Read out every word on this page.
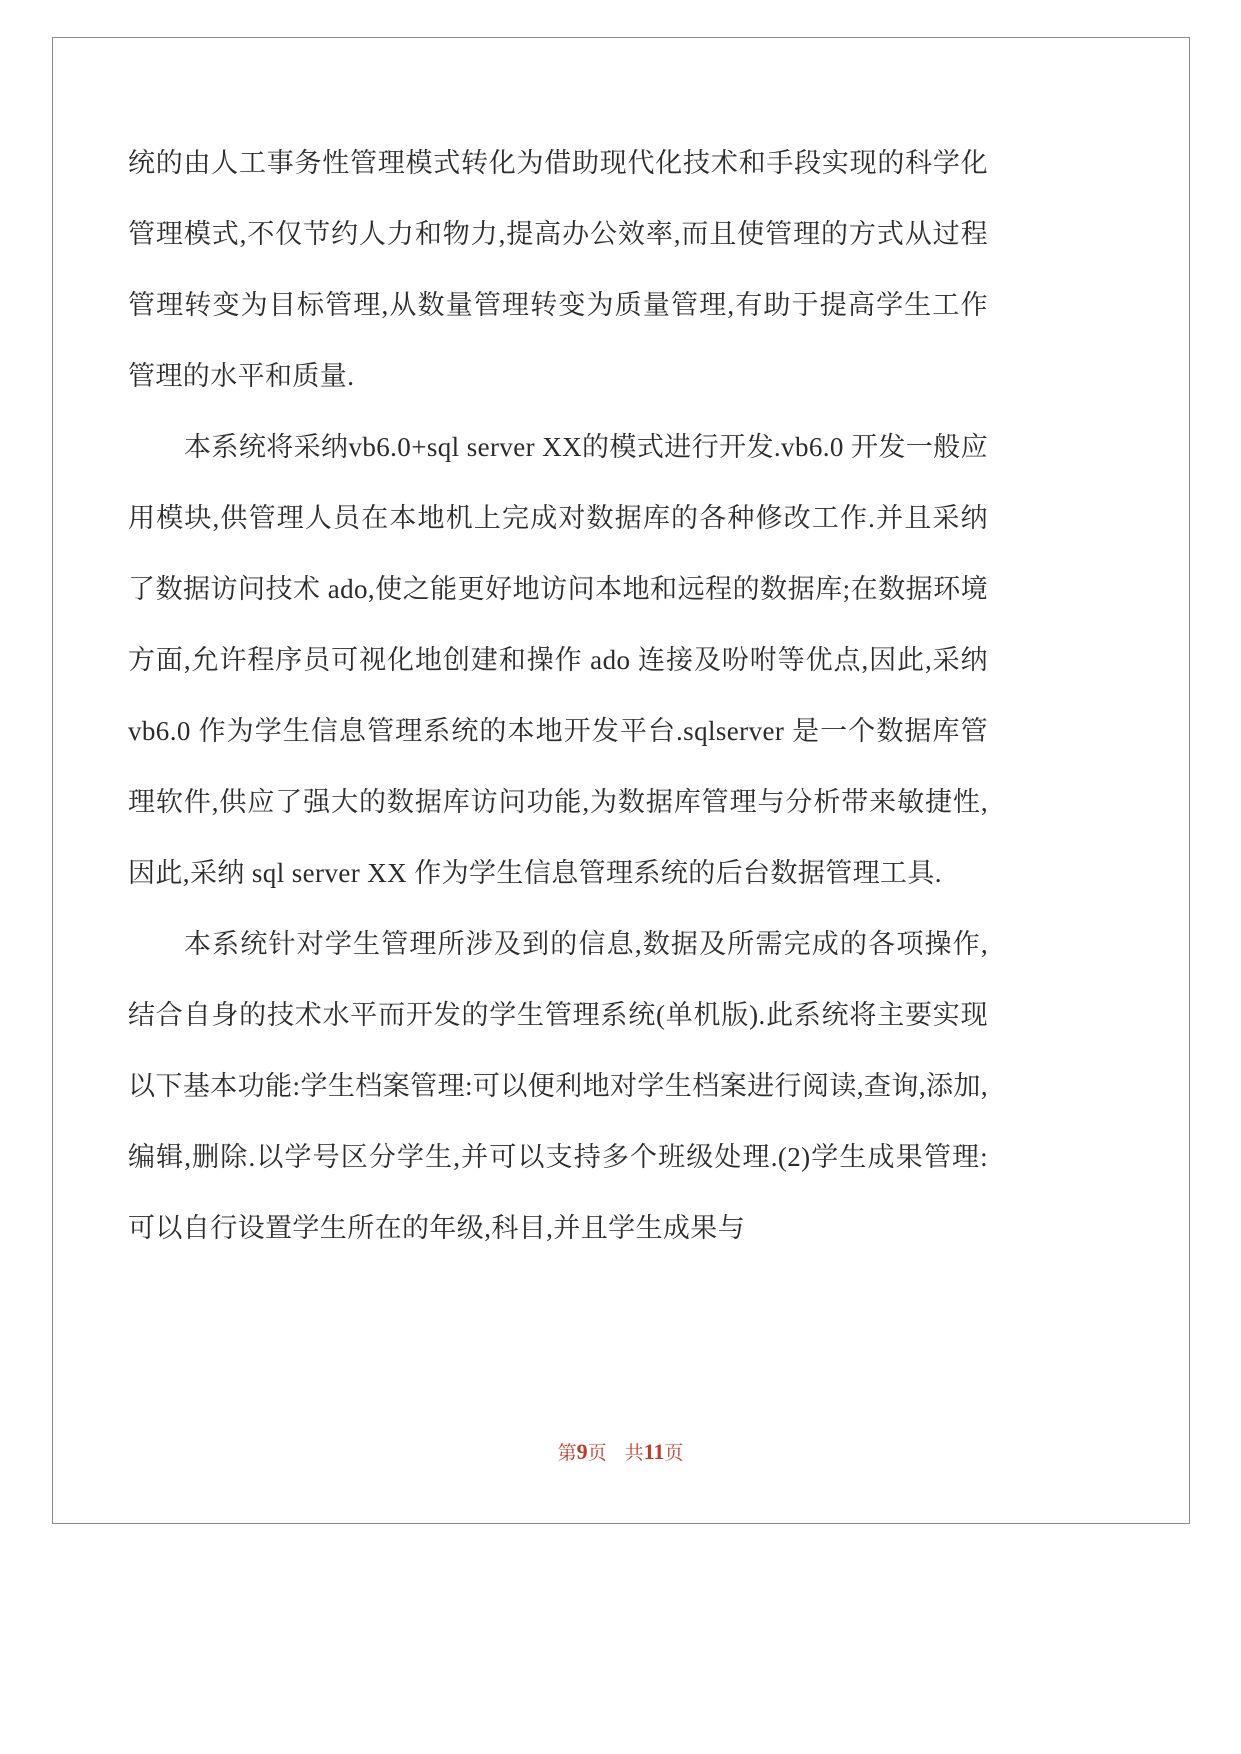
统的由人工事务性管理模式转化为借助现代化技术和手段实现的科学化管理模式,不仅节约人力和物力,提高办公效率,而且使管理的方式从过程管理转变为目标管理,从数量管理转变为质量管理,有助于提高学生工作管理的水平和质量.

本系统将采纳vb6.0+sql server XX的模式进行开发.vb6.0 开发一般应用模块,供管理人员在本地机上完成对数据库的各种修改工作.并且采纳了数据访问技术 ado,使之能更好地访问本地和远程的数据库;在数据环境方面,允许程序员可视化地创建和操作 ado 连接及吩咐等优点,因此,采纳 vb6.0 作为学生信息管理系统的本地开发平台.sqlserver 是一个数据库管理软件,供应了强大的数据库访问功能,为数据库管理与分析带来敏捷性,因此,采纳 sql server XX 作为学生信息管理系统的后台数据管理工具.

本系统针对学生管理所涉及到的信息,数据及所需完成的各项操作,结合自身的技术水平而开发的学生管理系统(单机版).此系统将主要实现以下基本功能:学生档案管理:可以便利地对学生档案进行阅读,查询,添加,编辑,删除.以学号区分学生,并可以支持多个班级处理.(2)学生成果管理:可以自行设置学生所在的年级,科目,并且学生成果与

第9页 共11页
